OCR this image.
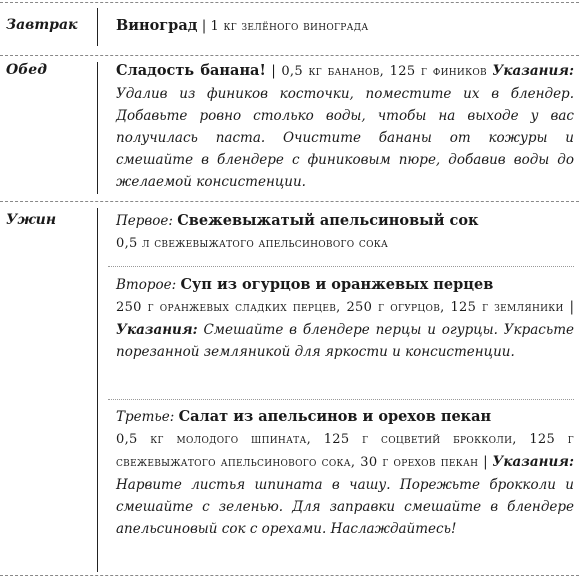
Завтрак	Виноград | 1 кг зелёного винограда
Обед	Сладость банана! | 0,5 кг бананов, 125 г фиников Указания: Удалив из фиников косточки, поместите их в блендер. Добавьте ровно столько воды, чтобы на выходе у вас получилась паста. Очистите бананы от кожуры и смешайте в блендере с финиковым пюре, добавив воды до желаемой консистенции.
Ужин	Первое: Свежевыжатый апельсиновый сок
0,5 л свежевыжатого апельсинового сока
Второе: Суп из огурцов и оранжевых перцев
250 г оранжевых сладких перцев, 250 г огурцов, 125 г земляники | Указания: Смешайте в блендере перцы и огурцы. Украсьте порезанной земляникой для яркости и консистенции.
Третье: Салат из апельсинов и орехов пекан
0,5 кг молодого шпината, 125 г соцветий брокколи, 125 г свежевыжатого апельсинового сока, 30 г орехов пекан | Указания: Нарвите листья шпината в чашу. Порежьте брокколи и смешайте с зеленью. Для заправки смешайте в блендере апельсиновый сок с орехами. Наслаждайтесь!
